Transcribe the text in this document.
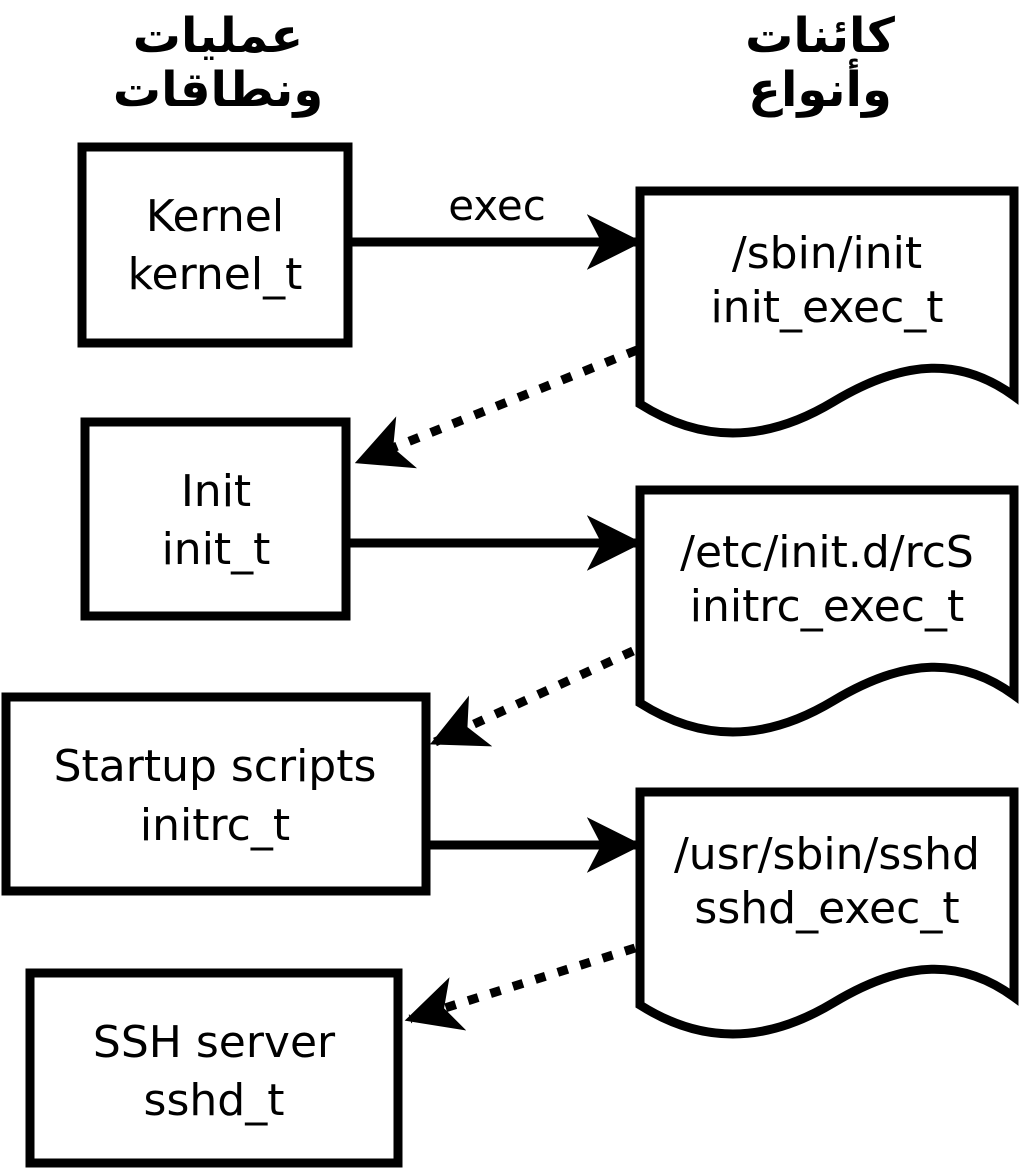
عمليات
ونطاقات
كائنات
وأنواع
Kernel
kernel_t
Init
init_t
Startup scripts
initrc_t
SSH server
sshd_t
/sbin/init
init_exec_t
/etc/init.d/rcS
initrc_exec_t
/usr/sbin/sshd
sshd_exec_t
exec
